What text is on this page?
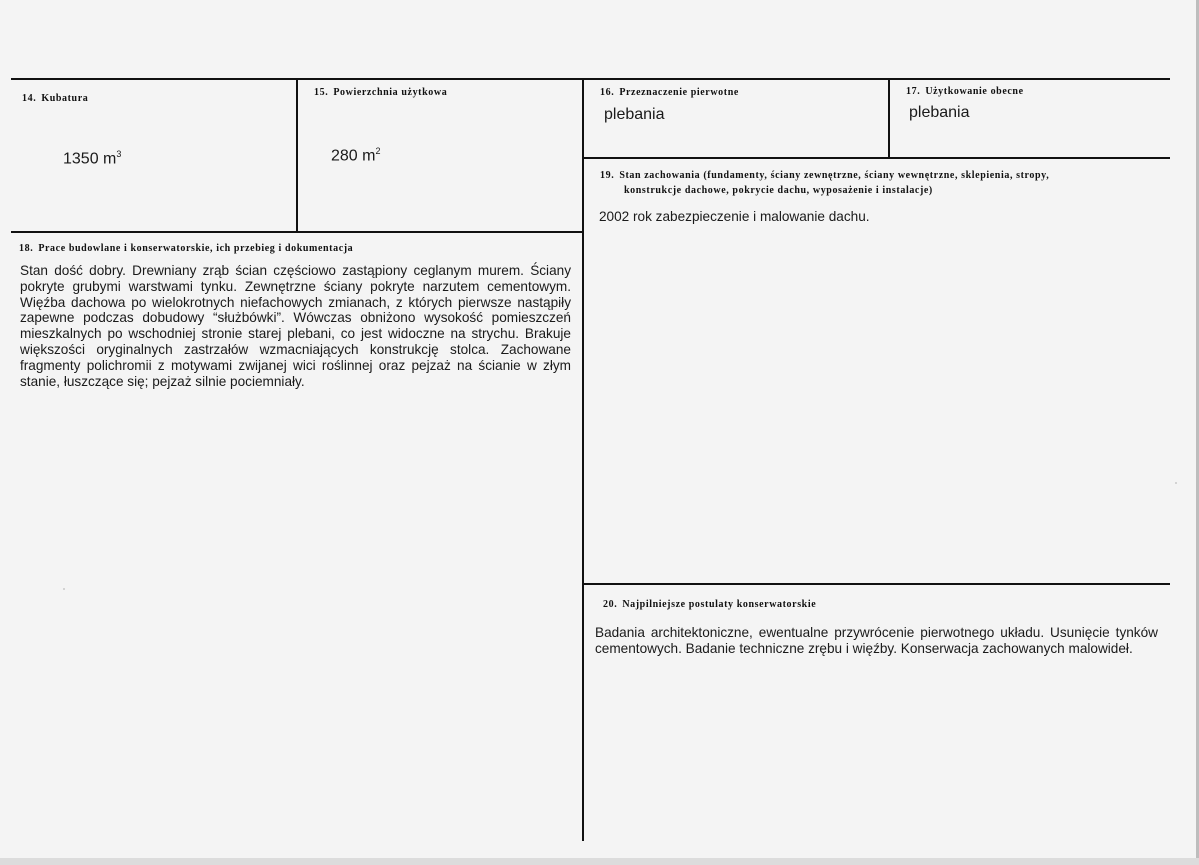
14. Kubatura
1350 $m^3$
15. Powierzchnia użytkowa
280 $m^2$
16. Przeznaczenie pierwotne
plebania
17. Użytkowanie obecne
plebania
18. Prace budowlane i konserwatorskie, ich przebieg i dokumentacja
Stan dość dobry. Drewniany zrąb ścian częściowo zastąpiony ceglanym murem. Ściany pokryte grubymi warstwami tynku. Zewnętrzne ściany pokryte narzutem cementowym. Więźba dachowa po wielokrotnych niefachowych zmianach, z których pierwsze nastąpiły zapewne podczas dobudowy “służbówki”. Wówczas obniżono wysokość pomieszczeń mieszkalnych po wschodniej stronie starej plebani, co jest widoczne na strychu. Brakuje większości oryginalnych zastrzałów wzmacniających konstrukcję stolca. Zachowane fragmenty polichromii z motywami zwijanej wici roślinnej oraz pejzaż na ścianie w złym stanie, łuszczące się; pejzaż silnie pociemniały.
19. Stan zachowania (fundamenty, ściany zewnętrzne, ściany wewnętrzne, sklepienia, stropy,
konstrukcje dachowe, pokrycie dachu, wyposażenie i instalacje)
2002 rok zabezpieczenie i malowanie dachu.
20. Najpilniejsze postulaty konserwatorskie
Badania architektoniczne, ewentualne przywrócenie pierwotnego układu. Usunięcie tynków cementowych. Badanie techniczne zrębu i więźby. Konserwacja zachowanych malowideł.
